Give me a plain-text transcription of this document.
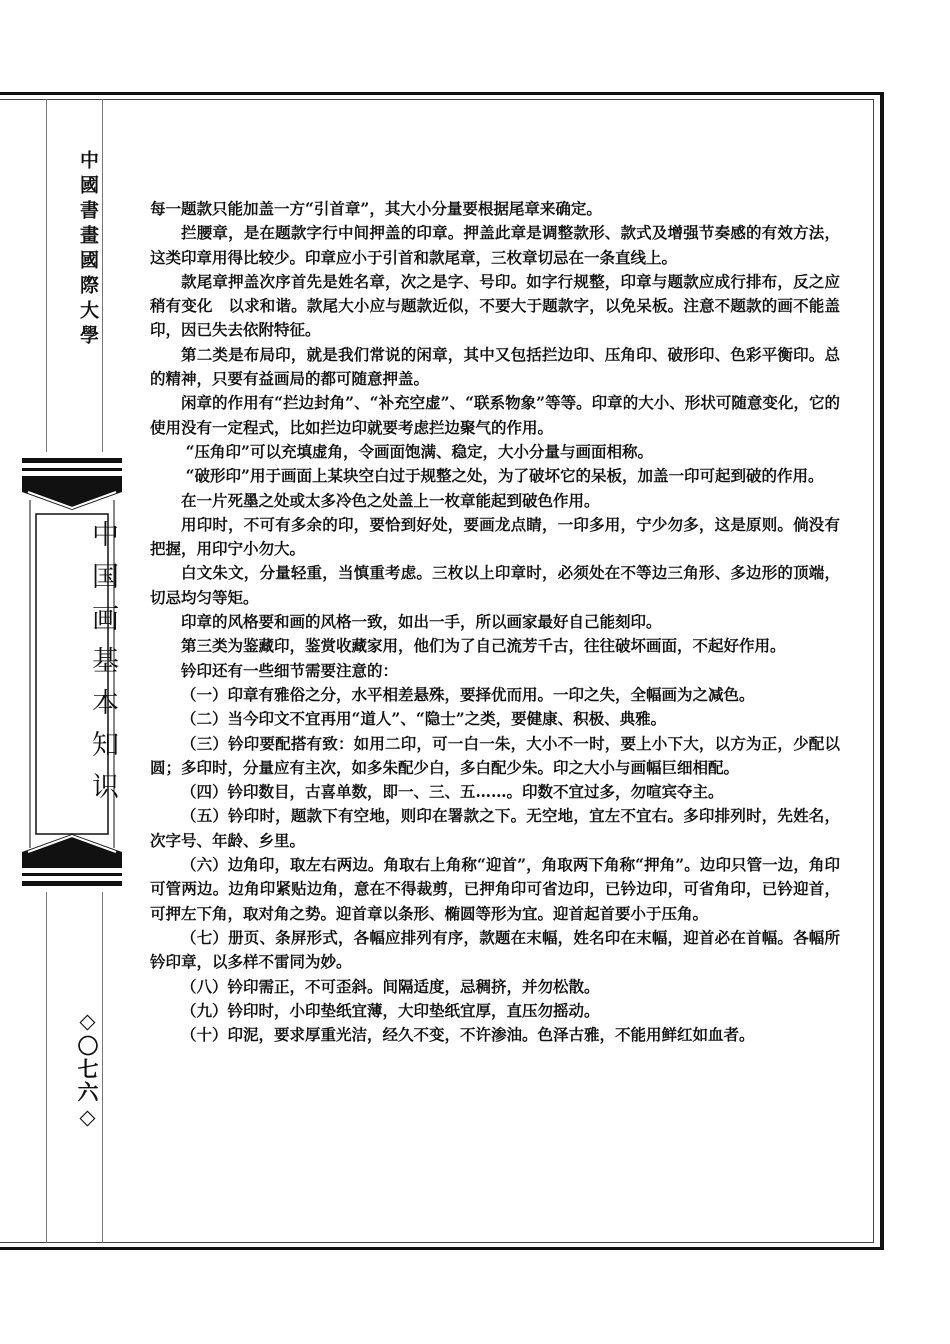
中國書畫國際大學
中国画基本知识
◇〇七六◇

每一题款只能加盖一方“引首章”，其大小分量要根据尾章来确定。

拦腰章，是在题款字行中间押盖的印章。押盖此章是调整款形、款式及增强节奏感的有效方法，这类印章用得比较少。印章应小于引首和款尾章，三枚章切忌在一条直线上。

款尾章押盖次序首先是姓名章，次之是字、号印。如字行规整，印章与题款应成行排布，反之应稍有变化　以求和谐。款尾大小应与题款近似，不要大于题款字，以免呆板。注意不题款的画不能盖印，因已失去依附特征。

第二类是布局印，就是我们常说的闲章，其中又包括拦边印、压角印、破形印、色彩平衡印。总的精神，只要有益画局的都可随意押盖。

闲章的作用有“拦边封角”、“补充空虚”、“联系物象”等等。印章的大小、形状可随意变化，它的使用没有一定程式，比如拦边印就要考虑拦边聚气的作用。

“压角印”可以充填虚角，令画面饱满、稳定，大小分量与画面相称。

“破形印”用于画面上某块空白过于规整之处，为了破坏它的呆板，加盖一印可起到破的作用。

在一片死墨之处或太多冷色之处盖上一枚章能起到破色作用。

用印时，不可有多余的印，要恰到好处，要画龙点睛，一印多用，宁少勿多，这是原则。倘没有把握，用印宁小勿大。

白文朱文，分量轻重，当慎重考虑。三枚以上印章时，必须处在不等边三角形、多边形的顶端，切忌均匀等矩。

印章的风格要和画的风格一致，如出一手，所以画家最好自己能刻印。

第三类为鉴藏印，鉴赏收藏家用，他们为了自己流芳千古，往往破坏画面，不起好作用。

钤印还有一些细节需要注意的：

（一）印章有雅俗之分，水平相差悬殊，要择优而用。一印之失，全幅画为之减色。

（二）当今印文不宜再用“道人”、“隐士”之类，要健康、积极、典雅。

（三）钤印要配搭有致：如用二印，可一白一朱，大小不一时，要上小下大，以方为正，少配以圆；多印时，分量应有主次，如多朱配少白，多白配少朱。印之大小与画幅巨细相配。

（四）钤印数目，古喜单数，即一、三、五……。印数不宜过多，勿喧宾夺主。

（五）钤印时，题款下有空地，则印在署款之下。无空地，宜左不宜右。多印排列时，先姓名，次字号、年龄、乡里。

（六）边角印，取左右两边。角取右上角称“迎首”，角取两下角称“押角”。边印只管一边，角印可管两边。边角印紧贴边角，意在不得裁剪，已押角印可省边印，已钤边印，可省角印，已钤迎首，可押左下角，取对角之势。迎首章以条形、椭圆等形为宜。迎首起首要小于压角。

（七）册页、条屏形式，各幅应排列有序，款题在末幅，姓名印在末幅，迎首必在首幅。各幅所钤印章，以多样不雷同为妙。

（八）钤印需正，不可歪斜。间隔适度，忌稠挤，并勿松散。

（九）钤印时，小印垫纸宜薄，大印垫纸宜厚，直压勿摇动。

（十）印泥，要求厚重光洁，经久不变，不许渗油。色泽古雅，不能用鲜红如血者。
